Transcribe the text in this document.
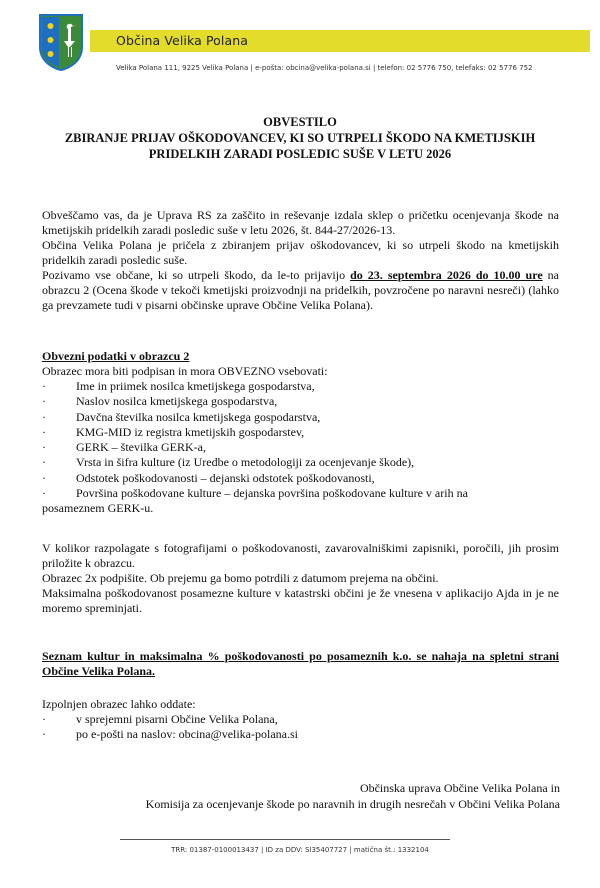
Občina Velika Polana
Velika Polana 111, 9225 Velika Polana | e-pošta: obcina@velika-polana.si | telefon: 02 5776 750, telefaks: 02 5776 752
OBVESTILO
ZBIRANJE PRIJAV OŠKODOVANCEV, KI SO UTRPELI ŠKODO NA KMETIJSKIH
PRIDELKIH ZARADI POSLEDIC SUŠE V LETU 2026
Obveščamo vas, da je Uprava RS za zaščito in reševanje izdala sklep o pričetku ocenjevanja škode na kmetijskih pridelkih zaradi posledic suše v letu 2026, št. 844-27/2026-13.
Občina Velika Polana je pričela z zbiranjem prijav oškodovancev, ki so utrpeli škodo na kmetijskih pridelkih zaradi posledic suše.
Pozivamo vse občane, ki so utrpeli škodo, da le-to prijavijo do 23. septembra 2026 do 10.00 ure na obrazcu 2 (Ocena škode v tekoči kmetijski proizvodnji na pridelkih, povzročene po naravni nesreči) (lahko ga prevzamete tudi v pisarni občinske uprave Občine Velika Polana).
Obvezni podatki v obrazcu 2
Obrazec mora biti podpisan in mora OBVEZNO vsebovati:
· Ime in priimek nosilca kmetijskega gospodarstva,
· Naslov nosilca kmetijskega gospodarstva,
· Davčna številka nosilca kmetijskega gospodarstva,
· KMG-MID iz registra kmetijskih gospodarstev,
· GERK – številka GERK-a,
· Vrsta in šifra kulture (iz Uredbe o metodologiji za ocenjevanje škode),
· Odstotek poškodovanosti – dejanski odstotek poškodovanosti,
· Površina poškodovane kulture – dejanska površina poškodovane kulture v arih na
posameznem GERK-u.
V kolikor razpolagate s fotografijami o poškodovanosti, zavarovalniškimi zapisniki, poročili, jih prosim priložite k obrazcu.
Obrazec 2x podpišite. Ob prejemu ga bomo potrdili z datumom prejema na občini.
Maksimalna poškodovanost posamezne kulture v katastrski občini je že vnesena v aplikacijo Ajda in je ne moremo spreminjati.
Seznam kultur in maksimalna % poškodovanosti po posameznih k.o. se nahaja na spletni strani Občine Velika Polana.
Izpolnjen obrazec lahko oddate:
· v sprejemni pisarni Občine Velika Polana,
· po e-pošti na naslov: obcina@velika-polana.si
Občinska uprava Občine Velika Polana in
Komisija za ocenjevanje škode po naravnih in drugih nesrečah v Občini Velika Polana
TRR: 01387-0100013437 | ID za DDV: SI35407727 | matična št.: 1332104
